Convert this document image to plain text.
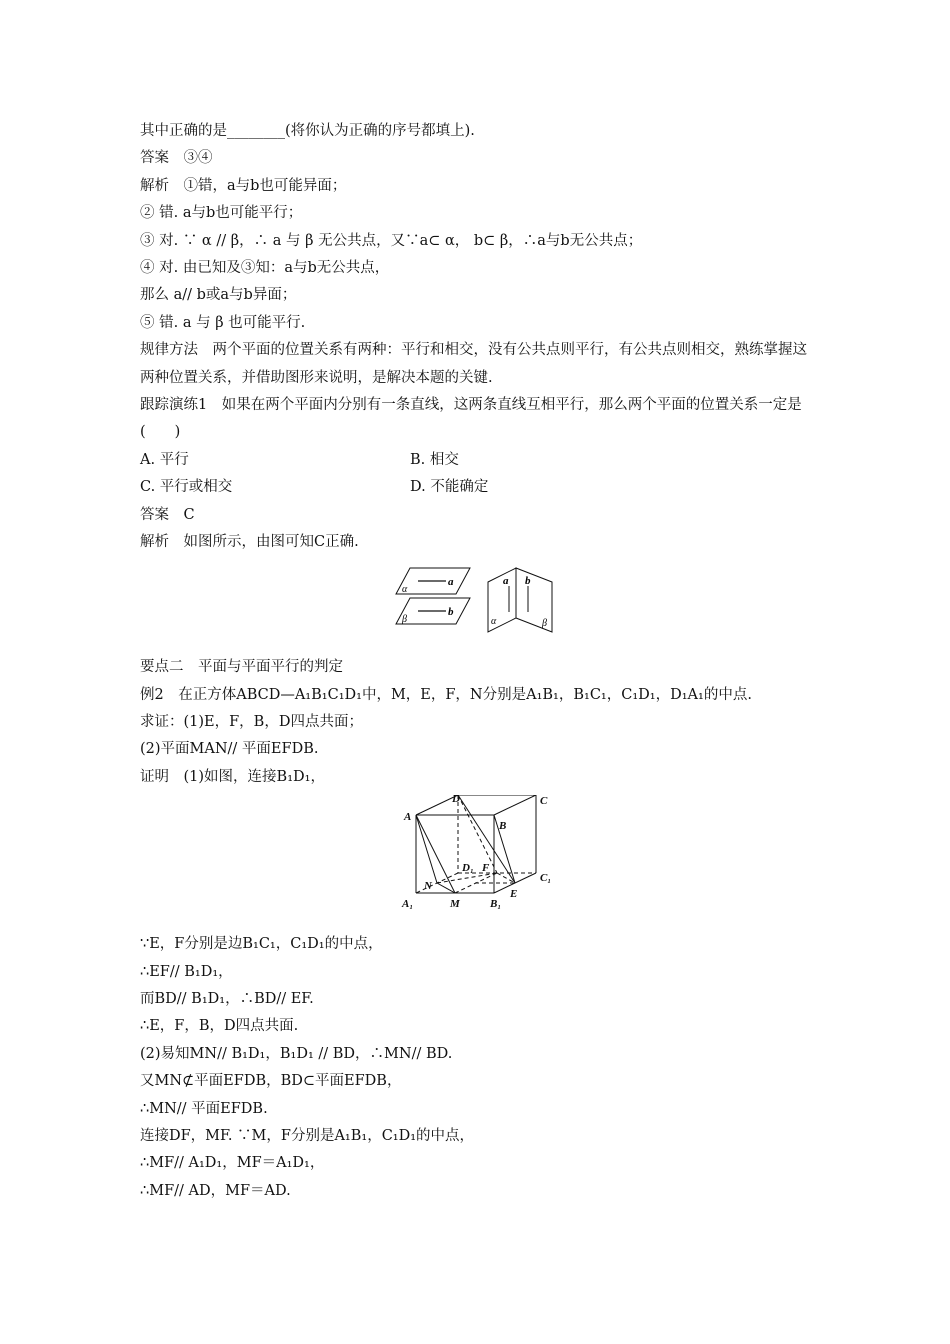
其中正确的是________(将你认为正确的序号都填上).
答案　③④
解析　①错，a与b也可能异面；
② 错. a与b也可能平行；
③ 对. ∵ α // β，∴ a 与 β 无公共点，又∵a⊂ α， b⊂ β，∴a与b无公共点；
④ 对. 由已知及③知：a与b无公共点，
那么 a// b或a与b异面；
⑤ 错. a 与 β 也可能平行.
规律方法　两个平面的位置关系有两种：平行和相交，没有公共点则平行，有公共点则相交，熟练掌握这两种位置关系，并借助图形来说明，是解决本题的关键.
跟踪演练1　如果在两个平面内分别有一条直线，这两条直线互相平行，那么两个平面的位置关系一定是(　　)
A. 平行	B. 相交
C. 平行或相交	D. 不能确定
答案　C
解析　如图所示，由图可知C正确.
a
α
b
β
a b
α	β
要点二　平面与平面平行的判定
例2　在正方体ABCD—A₁B₁C₁D₁中，M，E，F，N分别是A₁B₁，B₁C₁，C₁D₁，D₁A₁的中点.
求证：(1)E，F，B，D四点共面；
(2)平面MAN// 平面EFDB.
证明　(1)如图，连接B₁D₁，
D	C
A
B
D₁ F
C₁
N
E
A₁	M	B₁
∵E，F分别是边B₁C₁，C₁D₁的中点，
∴EF// B₁D₁，
而BD// B₁D₁，∴BD// EF.
∴E，F，B，D四点共面.
(2)易知MN// B₁D₁，B₁D₁ // BD，∴MN// BD.
又MN⊄平面EFDB，BD⊂平面EFDB，
∴MN// 平面EFDB.
连接DF，MF. ∵M，F分别是A₁B₁，C₁D₁的中点，
∴MF// A₁D₁，MF＝A₁D₁，
∴MF// AD，MF＝AD.
